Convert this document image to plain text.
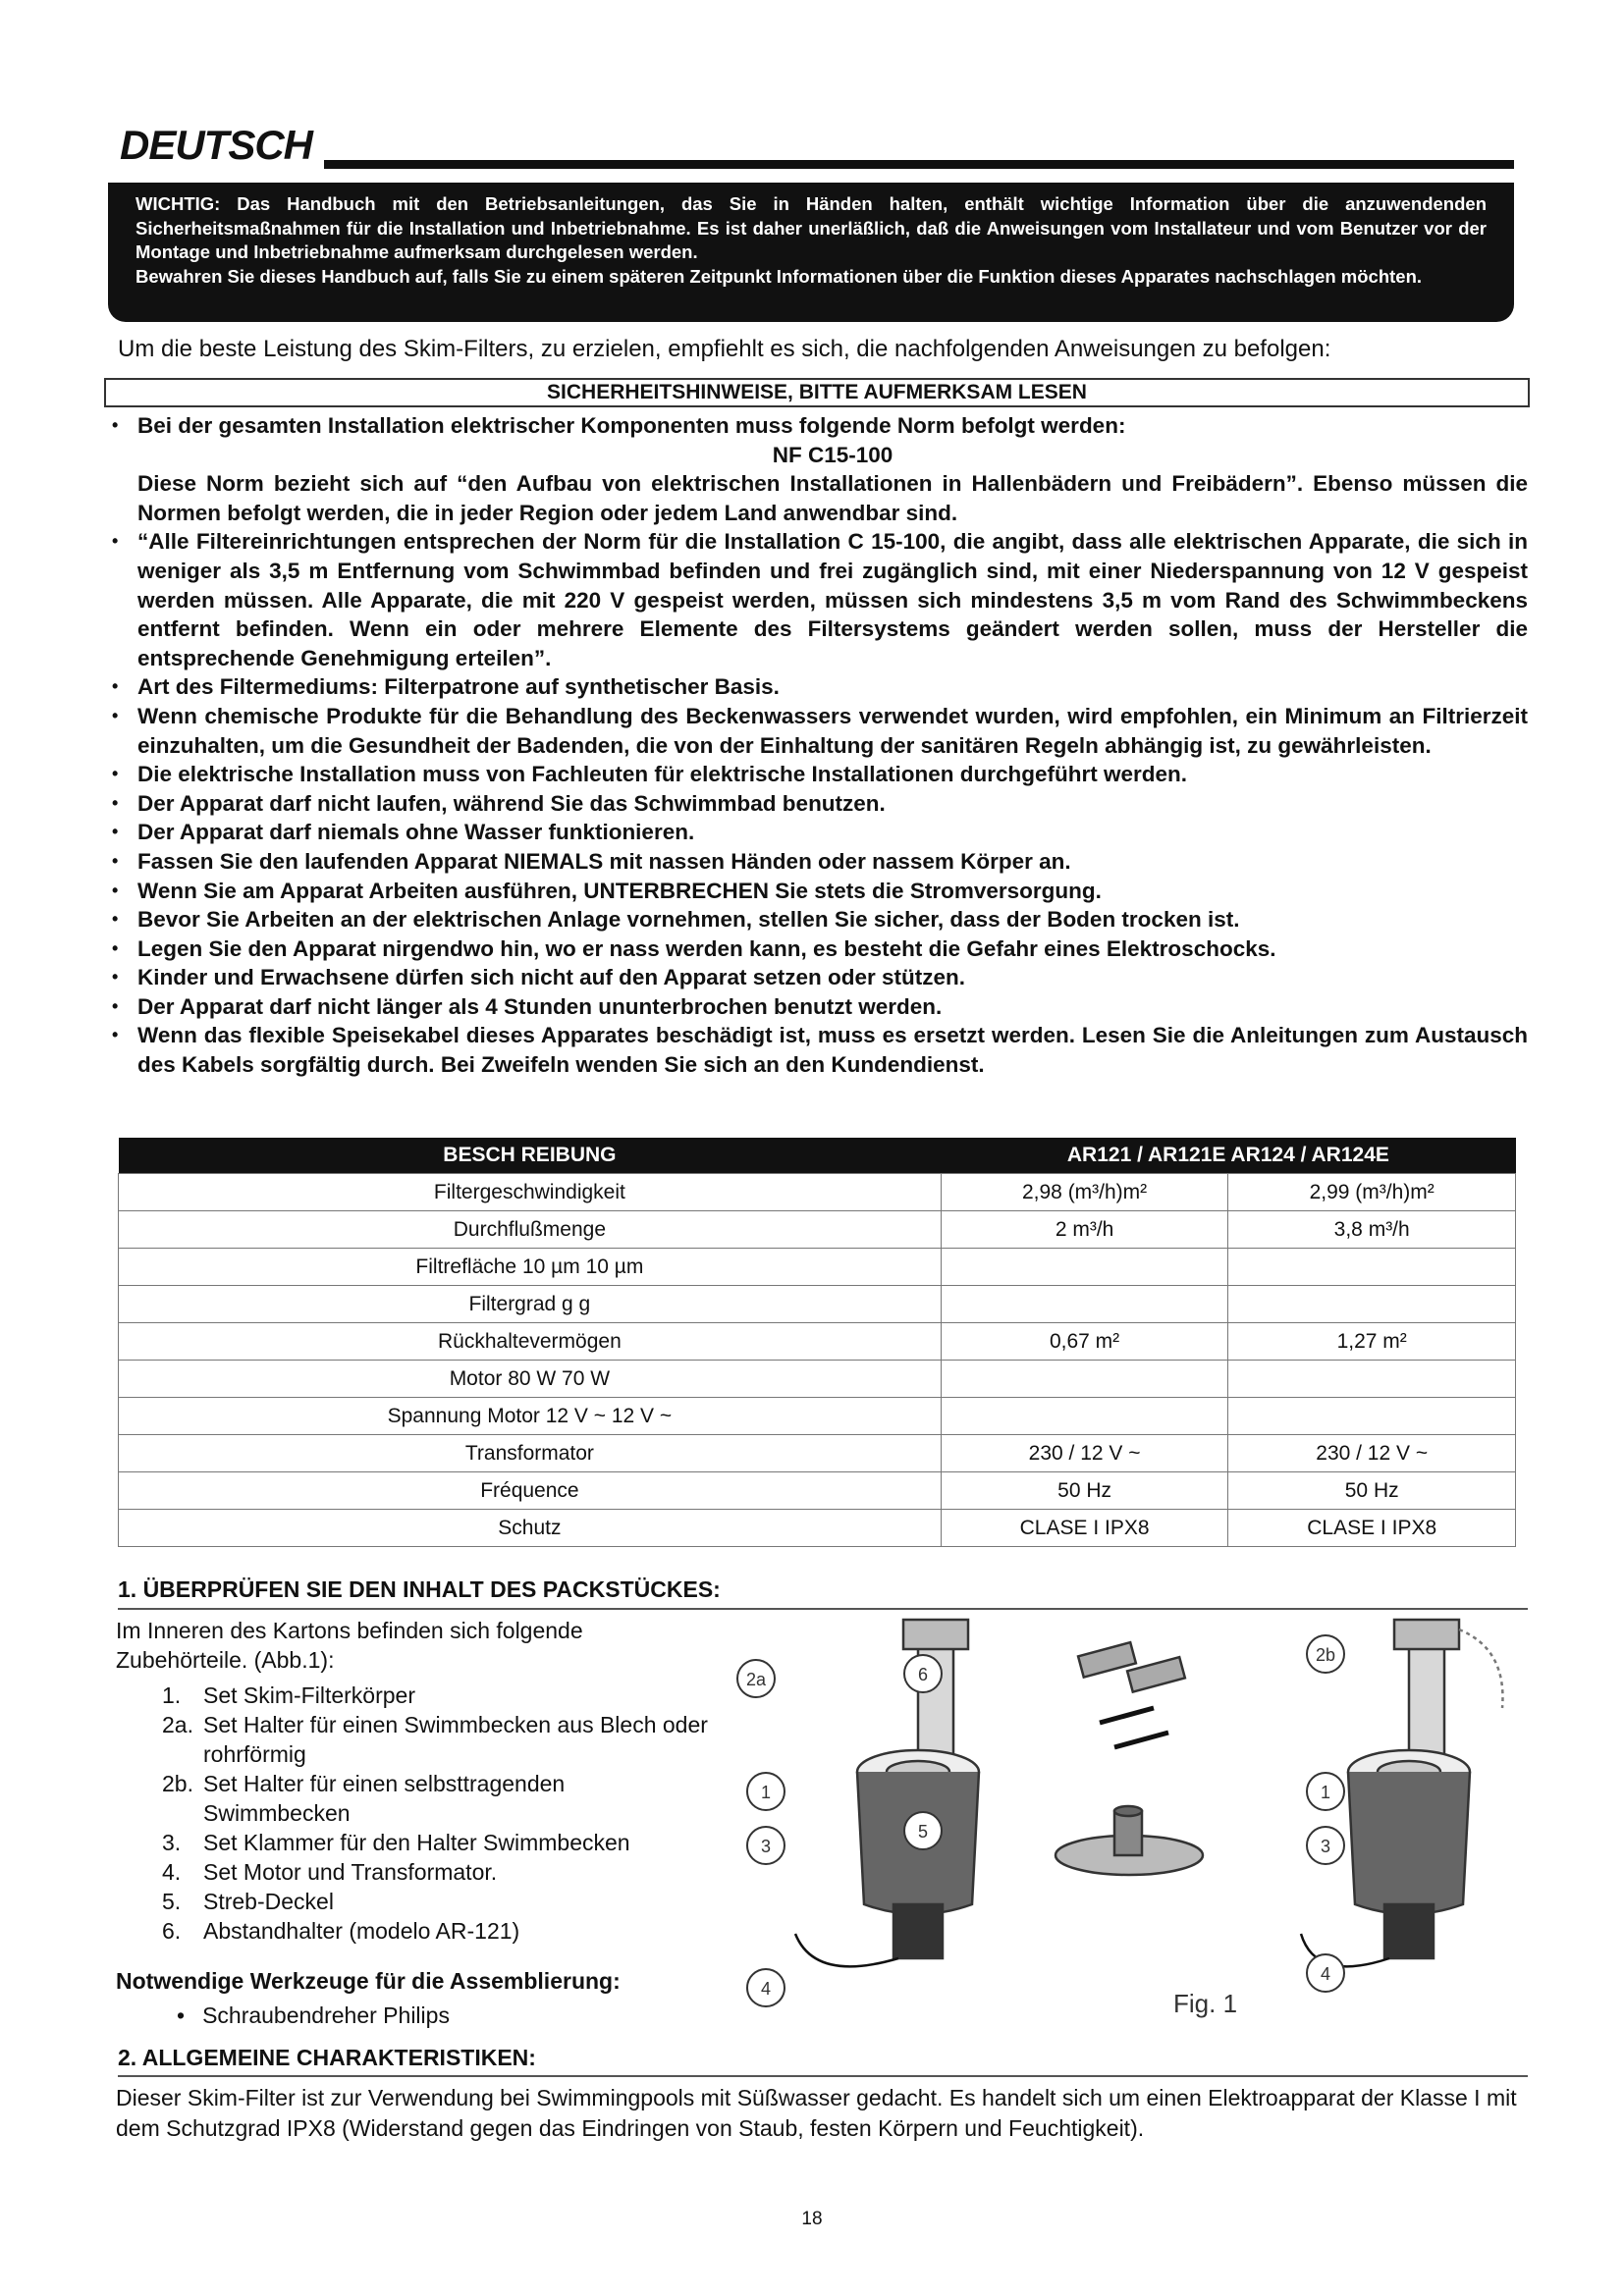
DEUTSCH

WICHTIG: Das Handbuch mit den Betriebsanleitungen, das Sie in Händen halten, enthält wichtige Information über die anzuwendenden Sicherheitsmaßnahmen für die Installation und Inbetriebnahme. Es ist daher unerläßlich, daß die Anweisungen vom Installateur und vom Benutzer vor der Montage und Inbetriebnahme aufmerksam durchgelesen werden.

Bewahren Sie dieses Handbuch auf, falls Sie zu einem späteren Zeitpunkt Informationen über die Funktion dieses Apparates nachschlagen möchten.

Um die beste Leistung des Skim-Filters, zu erzielen, empfiehlt es sich, die nachfolgenden Anweisungen zu befolgen:
SICHERHEITSHINWEISE, BITTE AUFMERKSAM LESEN
• Bei der gesamten Installation elektrischer Komponenten muss folgende Norm befolgt werden:
NF C15-100
Diese Norm bezieht sich auf “den Aufbau von elektrischen Installationen in Hallenbädern und Freibädern”. Ebenso müssen die Normen befolgt werden, die in jeder Region oder jedem Land anwendbar sind.
• “Alle Filtereinrichtungen entsprechen der Norm für die Installation C 15-100, die angibt, dass alle elektrischen Apparate, die sich in weniger als 3,5 m Entfernung vom Schwimmbad befinden und frei zugänglich sind, mit einer Niederspannung von 12 V gespeist werden müssen. Alle Apparate, die mit 220 V gespeist werden, müssen sich mindestens 3,5 m vom Rand des Schwimmbeckens entfernt befinden. Wenn ein oder mehrere Elemente des Filtersystems geändert werden sollen, muss der Hersteller die entsprechende Genehmigung erteilen”.
• Art des Filtermediums: Filterpatrone auf synthetischer Basis.
• Wenn chemische Produkte für die Behandlung des Beckenwassers verwendet wurden, wird empfohlen, ein Minimum an Filtrierzeit einzuhalten, um die Gesundheit der Badenden, die von der Einhaltung der sanitären Regeln abhängig ist, zu gewährleisten.
• Die elektrische Installation muss von Fachleuten für elektrische Installationen durchgeführt werden.
• Der Apparat darf nicht laufen, während Sie das Schwimmbad benutzen.
• Der Apparat darf niemals ohne Wasser funktionieren.
• Fassen Sie den laufenden Apparat NIEMALS mit nassen Händen oder nassem Körper an.
• Wenn Sie am Apparat Arbeiten ausführen, UNTERBRECHEN Sie stets die Stromversorgung.
• Bevor Sie Arbeiten an der elektrischen Anlage vornehmen, stellen Sie sicher, dass der Boden trocken ist.
• Legen Sie den Apparat nirgendwo hin, wo er nass werden kann, es besteht die Gefahr eines Elektroschocks.
• Kinder und Erwachsene dürfen sich nicht auf den Apparat setzen oder stützen.
• Der Apparat darf nicht länger als 4 Stunden ununterbrochen benutzt werden.
• Wenn das flexible Speisekabel dieses Apparates beschädigt ist, muss es ersetzt werden. Lesen Sie die Anleitungen zum Austausch des Kabels sorgfältig durch. Bei Zweifeln wenden Sie sich an den Kundendienst.
BESCH REIBUNG	AR121 / AR121E AR124 / AR124E	
Filtergeschwindigkeit	2,98 (m³/h)m²	2,99 (m³/h)m²
Durchflußmenge	2 m³/h	3,8 m³/h
Filtrefläche 10 µm 10 µm		
Filtergrad g g		
Rückhaltevermögen	0,67 m²	1,27 m²
Motor 80 W 70 W		
Spannung Motor 12 V ~ 12 V ~		
Transformator	230 / 12 V ~	230 / 12 V ~
Fréquence	50 Hz	50 Hz
Schutz	CLASE I IPX8	CLASE I IPX8
1. ÜBERPRÜFEN SIE DEN INHALT DES PACKSTÜCKES:
Im Inneren des Kartons befinden sich folgende Zubehörteile. (Abb.1):
1. Set Skim-Filterkörper
2a. Set Halter für einen Swimmbecken aus Blech oder rohrförmig
2b. Set Halter für einen selbsttragenden Swimmbecken
3. Set Klammer für den Halter Swimmbecken
4. Set Motor und Transformator.
5. Streb-Deckel
6. Abstandhalter (modelo AR-121)
Notwendige Werkzeuge für die Assemblierung:
• Schraubendreher Philips
2a	6
2b
1
5
1
3	3
4
4
Fig. 1
2. ALLGEMEINE CHARAKTERISTIKEN:
Dieser Skim-Filter ist zur Verwendung bei Swimmingpools mit Süßwasser gedacht. Es handelt sich um einen Elektroapparat der Klasse I mit dem Schutzgrad IPX8 (Widerstand gegen das Eindringen von Staub, festen Körpern und Feuchtigkeit).
18
